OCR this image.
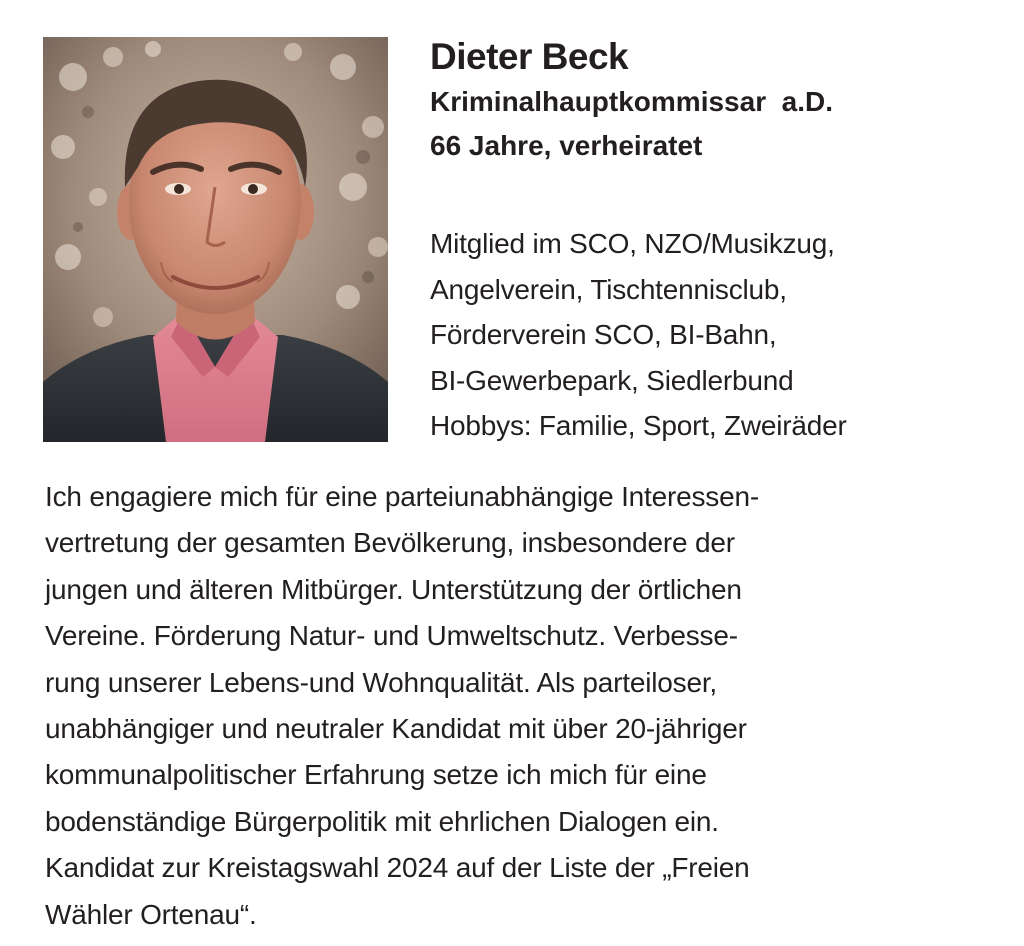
Dieter Beck
Kriminalhauptkommissar  a.D.
66 Jahre, verheiratet
Mitglied im SCO, NZO/Musikzug,
Angelverein, Tischtennisclub,
Förderverein SCO, BI-Bahn,
BI-Gewerbepark, Siedlerbund
Hobbys: Familie, Sport, Zweiräder
Ich engagiere mich für eine parteiunabhängige Interessen-
vertretung der gesamten Bevölkerung, insbesondere der
jungen und älteren Mitbürger. Unterstützung der örtlichen
Vereine. Förderung Natur- und Umweltschutz. Verbesse-
rung unserer Lebens-und Wohnqualität. Als parteiloser,
unabhängiger und neutraler Kandidat mit über 20-jähriger
kommunalpolitischer Erfahrung setze ich mich für eine
bodenständige Bürgerpolitik mit ehrlichen Dialogen ein.
Kandidat zur Kreistagswahl 2024 auf der Liste der „Freien
Wähler Ortenau“.
